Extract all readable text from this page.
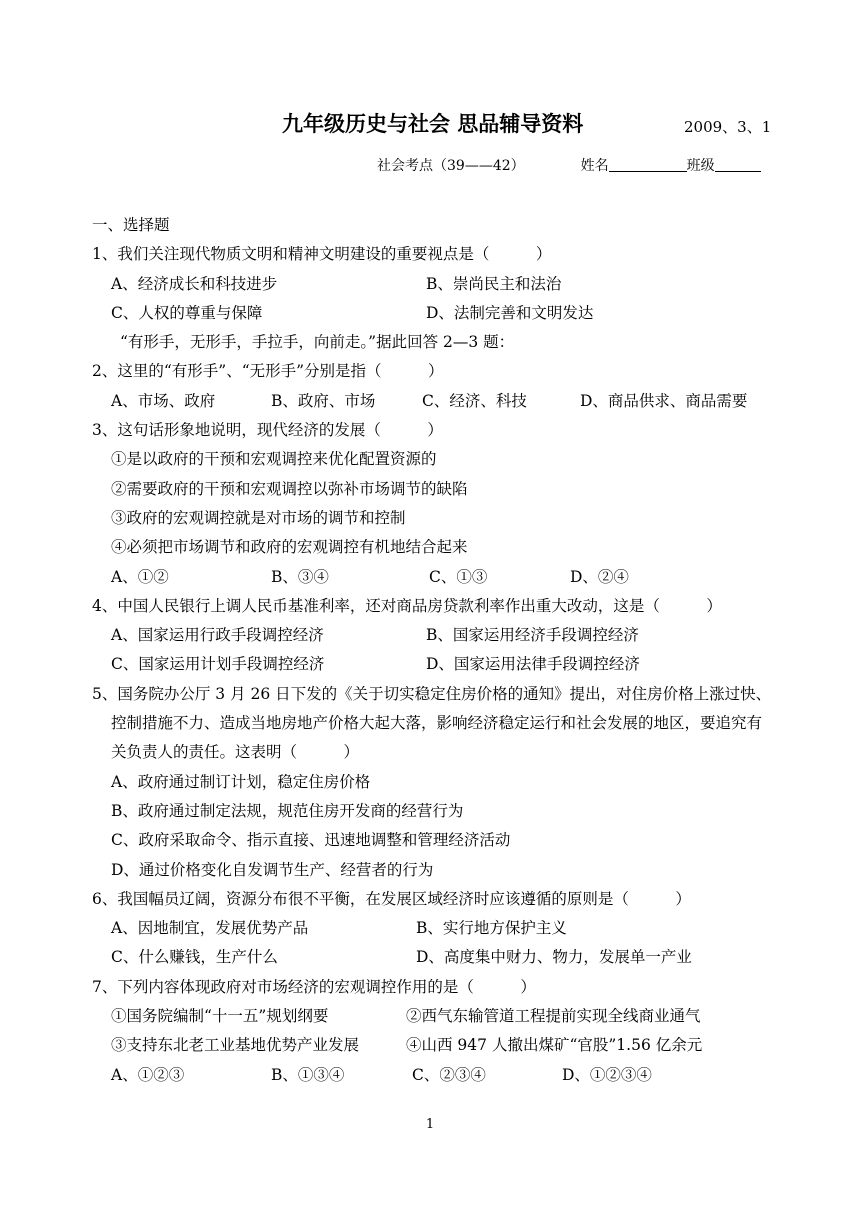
九年级历史与社会 思品辅导资料	2009、3、1
社会考点（39——42）	姓名	班级
一、选择题
1、我们关注现代物质文明和精神文明建设的重要视点是（　　　）
A、经济成长和科技进步	B、崇尚民主和法治
C、人权的尊重与保障	D、法制完善和文明发达
“有形手，无形手，手拉手，向前走。”据此回答 2—3 题：
2、这里的“有形手”、“无形手”分别是指（　　　）
A、市场、政府	B、政府、市场	C、经济、科技	D、商品供求、商品需要
3、这句话形象地说明，现代经济的发展（　　　）
①是以政府的干预和宏观调控来优化配置资源的
②需要政府的干预和宏观调控以弥补市场调节的缺陷
③政府的宏观调控就是对市场的调节和控制
④必须把市场调节和政府的宏观调控有机地结合起来
A、①②	B、③④	C、①③	D、②④
4、中国人民银行上调人民币基准利率，还对商品房贷款利率作出重大改动，这是（　　　）
A、国家运用行政手段调控经济	B、国家运用经济手段调控经济
C、国家运用计划手段调控经济	D、国家运用法律手段调控经济
5、国务院办公厅 3 月 26 日下发的《关于切实稳定住房价格的通知》提出，对住房价格上涨过快、控制措施不力、造成当地房地产价格大起大落，影响经济稳定运行和社会发展的地区，要追究有关负责人的责任。这表明（　　　）
A、政府通过制订计划，稳定住房价格
B、政府通过制定法规，规范住房开发商的经营行为
C、政府采取命令、指示直接、迅速地调整和管理经济活动
D、通过价格变化自发调节生产、经营者的行为
6、我国幅员辽阔，资源分布很不平衡，在发展区域经济时应该遵循的原则是（　　　）
A、因地制宜，发展优势产品	B、实行地方保护主义
C、什么赚钱，生产什么	D、高度集中财力、物力，发展单一产业
7、下列内容体现政府对市场经济的宏观调控作用的是（　　　）
①国务院编制“十一五”规划纲要	②西气东输管道工程提前实现全线商业通气
③支持东北老工业基地优势产业发展	④山西 947 人撤出煤矿“官股”1.56 亿余元
A、①②③	B、①③④	C、②③④	D、①②③④
1
